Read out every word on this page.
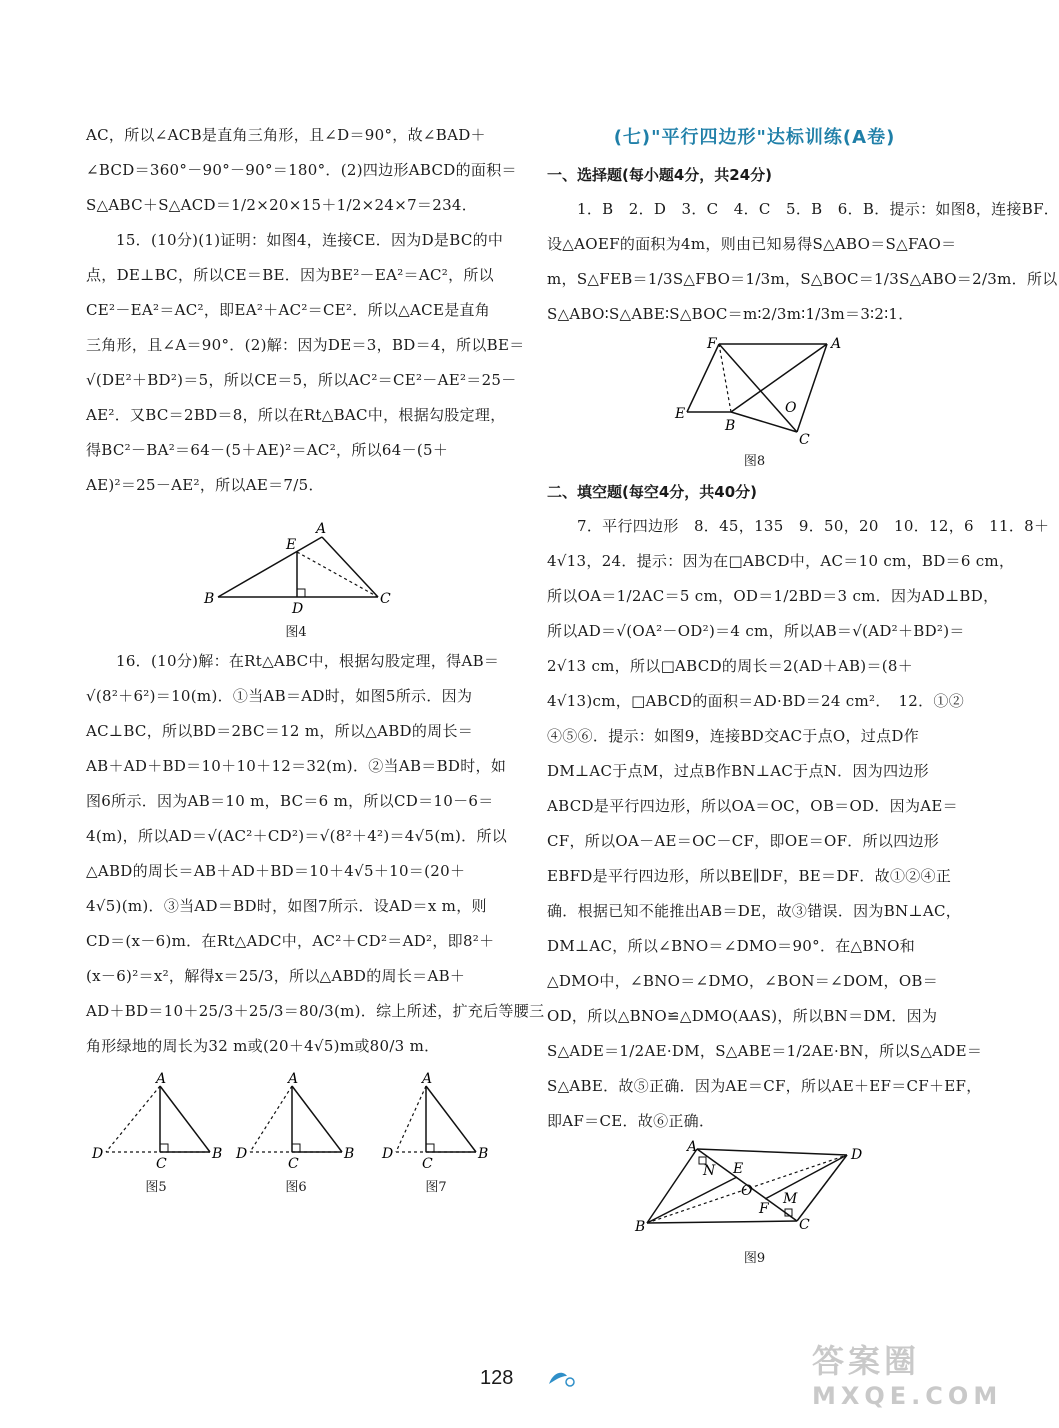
AC，所以∠ACB是直角三角形，且∠D＝90°，故∠BAD＋
∠BCD＝360°－90°－90°＝180°．(2)四边形ABCD的面积＝
S△ABC＋S△ACD＝1/2×20×15＋1/2×24×7＝234．
15．(10分)(1)证明：如图4，连接CE．因为D是BC的中
点，DE⊥BC，所以CE＝BE．因为BE²－EA²＝AC²，所以
CE²－EA²＝AC²，即EA²＋AC²＝CE²．所以△ACE是直角
三角形，且∠A＝90°．(2)解：因为DE＝3，BD＝4，所以BE＝
√(DE²＋BD²)＝5，所以CE＝5，所以AC²＝CE²－AE²＝25－
AE²．又BC＝2BD＝8，所以在Rt△BAC中，根据勾股定理，
得BC²－BA²＝64－(5＋AE)²＝AC²，所以64－(5＋
AE)²＝25－AE²，所以AE＝7/5．
A
E
B
D
C
图4
16．(10分)解：在Rt△ABC中，根据勾股定理，得AB＝
√(8²＋6²)＝10(m)．①当AB＝AD时，如图5所示．因为
AC⊥BC，所以BD＝2BC＝12 m，所以△ABD的周长＝
AB＋AD＋BD＝10＋10＋12＝32(m)．②当AB＝BD时，如
图6所示．因为AB＝10 m，BC＝6 m，所以CD＝10－6＝
4(m)，所以AD＝√(AC²＋CD²)＝√(8²＋4²)＝4√5(m)．所以
△ABD的周长＝AB＋AD＋BD＝10＋4√5＋10＝(20＋
4√5)(m)．③当AD＝BD时，如图7所示．设AD＝x m，则
CD＝(x－6)m．在Rt△ADC中，AC²＋CD²＝AD²，即8²＋
(x－6)²＝x²，解得x＝25/3，所以△ABD的周长＝AB＋
AD＋BD＝10＋25/3＋25/3＝80/3(m)．综上所述，扩充后等腰三
角形绿地的周长为32 m或(20＋4√5)m或80/3 m．
A
D
C
B
图5
A
D
C
B
图6
A
D
C
B
图7
(七)"平行四边形"达标训练(A卷)
一、选择题(每小题4分，共24分)
1．B　2．D　3．C　4．C　5．B　6．B．提示：如图8，连接BF．
设△AOEF的面积为4m，则由已知易得S△ABO＝S△FAO＝
m，S△FEB＝1/3S△FBO＝1/3m，S△BOC＝1/3S△ABO＝2/3m．所以
S△ABO∶S△ABE∶S△BOC＝m∶2/3m∶1/3m＝3∶2∶1．
F	A
E
B
O
C
图8
二、填空题(每空4分，共40分)
7．平行四边形　8．45，135　9．50，20　10．12，6　11．8＋
4√13，24．提示：因为在□ABCD中，AC＝10 cm，BD＝6 cm，
所以OA＝1/2AC＝5 cm，OD＝1/2BD＝3 cm．因为AD⊥BD，
所以AD＝√(OA²－OD²)＝4 cm，所以AB＝√(AD²＋BD²)＝
2√13 cm，所以□ABCD的周长＝2(AD＋AB)＝(8＋
4√13)cm，□ABCD的面积＝AD·BD＝24 cm²．　12．①②
④⑤⑥．提示：如图9，连接BD交AC于点O，过点D作
DM⊥AC于点M，过点B作BN⊥AC于点N．因为四边形
ABCD是平行四边形，所以OA＝OC，OB＝OD．因为AE＝
CF，所以OA－AE＝OC－CF，即OE＝OF．所以四边形
EBFD是平行四边形，所以BE∥DF，BE＝DF．故①②④正
确．根据已知不能推出AB＝DE，故③错误．因为BN⊥AC，
DM⊥AC，所以∠BNO＝∠DMO＝90°．在△BNO和
△DMO中，∠BNO＝∠DMO，∠BON＝∠DOM，OB＝
OD，所以△BNO≌△DMO(AAS)，所以BN＝DM．因为
S△ADE＝1/2AE·DM，S△ABE＝1/2AE·BN，所以S△ADE＝
S△ABE．故⑤正确．因为AE＝CF，所以AE＋EF＝CF＋EF，
即AF＝CE．故⑥正确．
A	D
E
N
O
F
M
B	C
图9
128	答案圈
MXQE.COM
